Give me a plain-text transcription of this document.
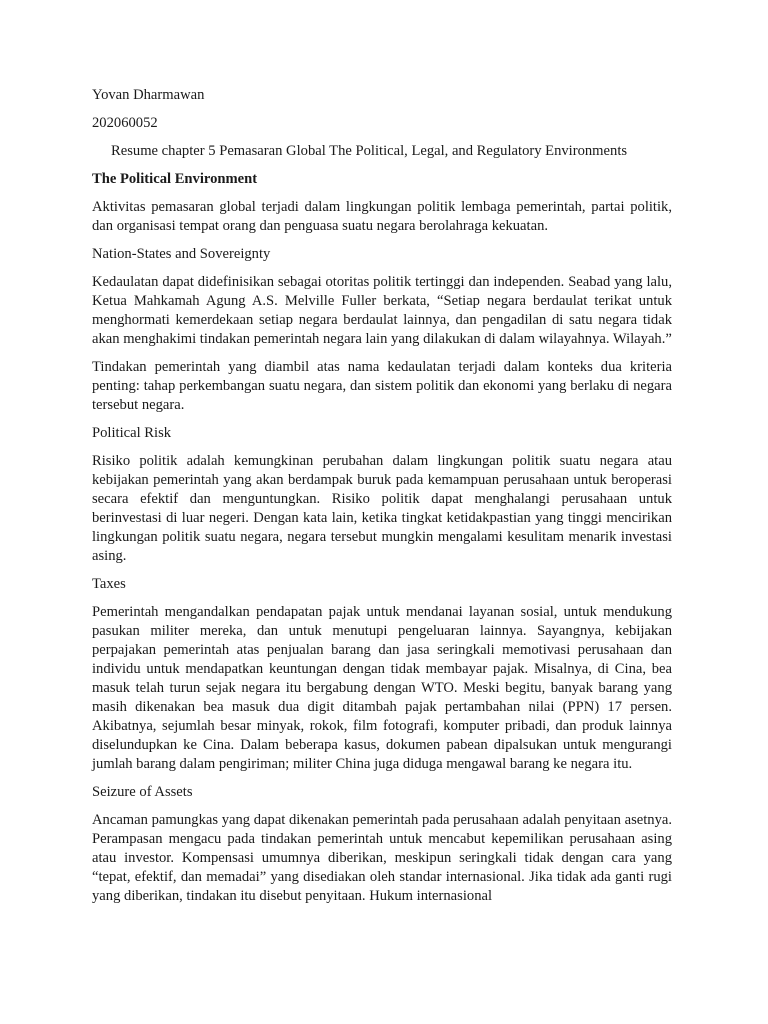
Yovan Dharmawan

202060052

Resume chapter 5 Pemasaran Global The Political, Legal, and Regulatory Environments

The Political Environment

Aktivitas pemasaran global terjadi dalam lingkungan politik lembaga pemerintah, partai politik, dan organisasi tempat orang dan penguasa suatu negara berolahraga kekuatan.

Nation-States and Sovereignty

Kedaulatan dapat didefinisikan sebagai otoritas politik tertinggi dan independen. Seabad yang lalu, Ketua Mahkamah Agung A.S. Melville Fuller berkata, “Setiap negara berdaulat terikat untuk menghormati kemerdekaan setiap negara berdaulat lainnya, dan pengadilan di satu negara tidak akan menghakimi tindakan pemerintah negara lain yang dilakukan di dalam wilayahnya. Wilayah.”

Tindakan pemerintah yang diambil atas nama kedaulatan terjadi dalam konteks dua kriteria penting: tahap perkembangan suatu negara, dan sistem politik dan ekonomi yang berlaku di negara tersebut negara.

Political Risk

Risiko politik adalah kemungkinan perubahan dalam lingkungan politik suatu negara atau kebijakan pemerintah yang akan berdampak buruk pada kemampuan perusahaan untuk beroperasi secara efektif dan menguntungkan. Risiko politik dapat menghalangi perusahaan untuk berinvestasi di luar negeri. Dengan kata lain, ketika tingkat ketidakpastian yang tinggi mencirikan lingkungan politik suatu negara, negara tersebut mungkin mengalami kesulitam menarik investasi asing.

Taxes

Pemerintah mengandalkan pendapatan pajak untuk mendanai layanan sosial, untuk mendukung pasukan militer mereka, dan untuk menutupi pengeluaran lainnya. Sayangnya, kebijakan perpajakan pemerintah atas penjualan barang dan jasa seringkali memotivasi perusahaan dan individu untuk mendapatkan keuntungan dengan tidak membayar pajak. Misalnya, di Cina, bea masuk telah turun sejak negara itu bergabung dengan WTO. Meski begitu, banyak barang yang masih dikenakan bea masuk dua digit ditambah pajak pertambahan nilai (PPN) 17 persen. Akibatnya, sejumlah besar minyak, rokok, film fotografi, komputer pribadi, dan produk lainnya diselundupkan ke Cina. Dalam beberapa kasus, dokumen pabean dipalsukan untuk mengurangi jumlah barang dalam pengiriman; militer China juga diduga mengawal barang ke negara itu.

Seizure of Assets

Ancaman pamungkas yang dapat dikenakan pemerintah pada perusahaan adalah penyitaan asetnya. Perampasan mengacu pada tindakan pemerintah untuk mencabut kepemilikan perusahaan asing atau investor. Kompensasi umumnya diberikan, meskipun seringkali tidak dengan cara yang “tepat, efektif, dan memadai” yang disediakan oleh standar internasional. Jika tidak ada ganti rugi yang diberikan, tindakan itu disebut penyitaan. Hukum internasional
